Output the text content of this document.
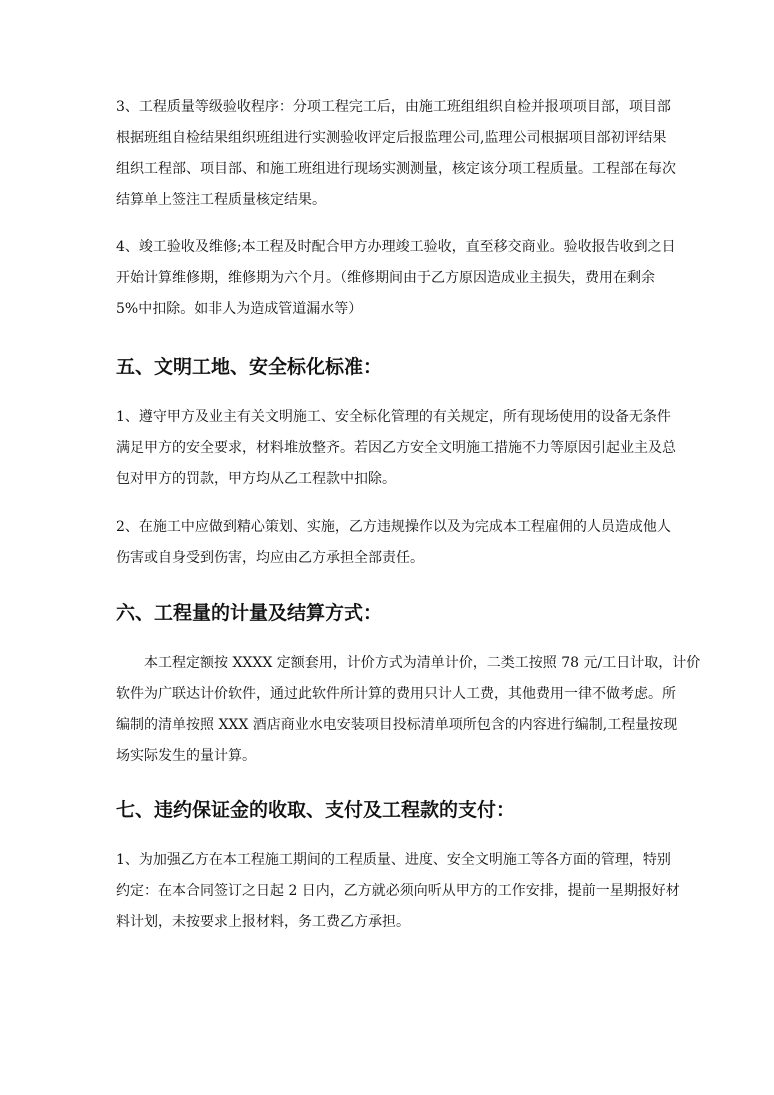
3、工程质量等级验收程序：分项工程完工后，由施工班组组织自检并报项项目部，项目部
根据班组自检结果组织班组进行实测验收评定后报监理公司,监理公司根据项目部初评结果
组织工程部、项目部、和施工班组进行现场实测测量，核定该分项工程质量。工程部在每次
结算单上签注工程质量核定结果。

4、竣工验收及维修;本工程及时配合甲方办理竣工验收，直至移交商业。验收报告收到之日
开始计算维修期，维修期为六个月。（维修期间由于乙方原因造成业主损失，费用在剩余
5%中扣除。如非人为造成管道漏水等）

五、文明工地、安全标化标准：

1、遵守甲方及业主有关文明施工、安全标化管理的有关规定，所有现场使用的设备无条件
满足甲方的安全要求，材料堆放整齐。若因乙方安全文明施工措施不力等原因引起业主及总
包对甲方的罚款，甲方均从乙工程款中扣除。

2、在施工中应做到精心策划、实施，乙方违规操作以及为完成本工程雇佣的人员造成他人
伤害或自身受到伤害，均应由乙方承担全部责任。

六、工程量的计量及结算方式：

本工程定额按 XXXX 定额套用，计价方式为清单计价，二类工按照 78 元/工日计取，计价
软件为广联达计价软件，通过此软件所计算的费用只计人工费，其他费用一律不做考虑。所
编制的清单按照 XXX 酒店商业水电安装项目投标清单项所包含的内容进行编制,工程量按现
场实际发生的量计算。

七、违约保证金的收取、支付及工程款的支付：

1、为加强乙方在本工程施工期间的工程质量、进度、安全文明施工等各方面的管理，特别
约定：在本合同签订之日起 2 日内，乙方就必须向听从甲方的工作安排，提前一星期报好材
料计划，未按要求上报材料，务工费乙方承担。
